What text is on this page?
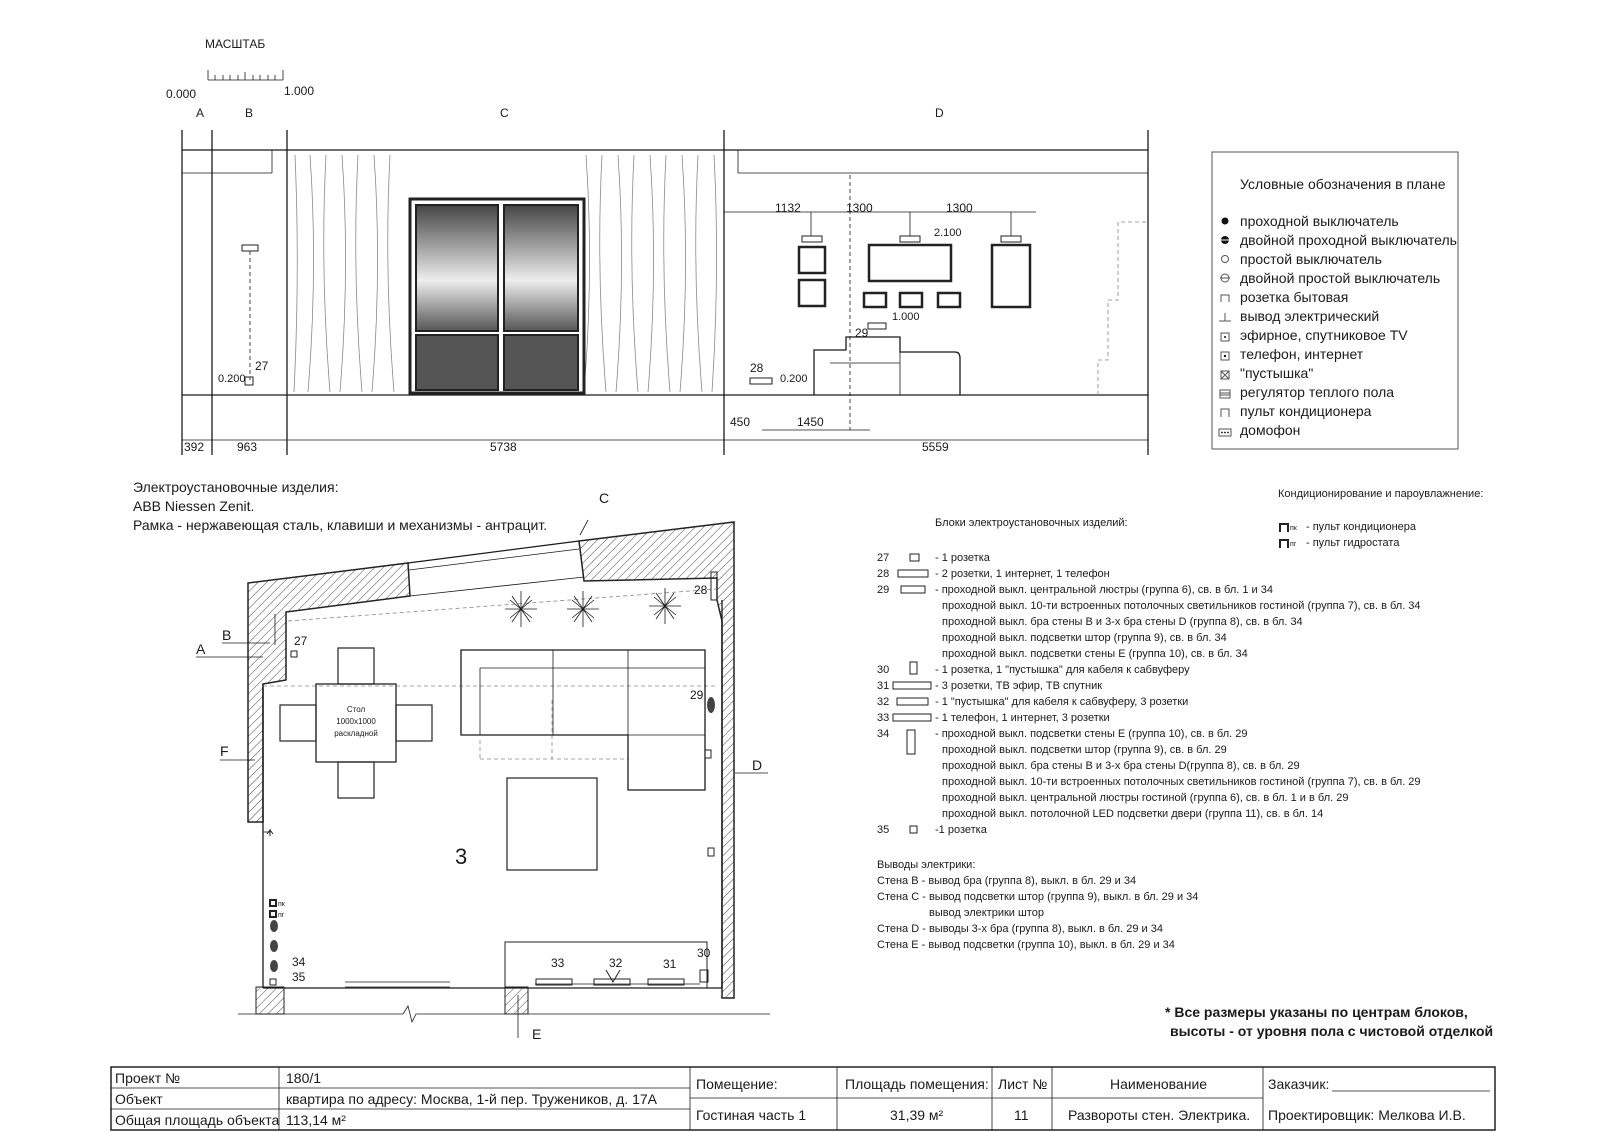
МАСШТАБ
0.000	1.000
A	B	C	D
0.200
27
1132	1300	1300
2.100
1.000
29
28
0.200
392	963	5738
450	1450
5559
Условные обозначения в плане
проходной выключатель
двойной проходной выключатель
простой выключатель
двойной простой выключатель
розетка бытовая
вывод электрический
эфирное, спутниковое TV
телефон, интернет
"пустышка"
регулятор теплого пола
пульт кондиционера
домофон
Электроустановочные изделия:
ABB Niessen Zenit.
Рамка - нержавеющая сталь, клавиши и механизмы - антрацит.
Кондиционирование и пароувлажнение:
пк - пульт кондиционера
пг - пульт гидростата
Блоки электроустановочных изделий:
27	- 1 розетка
28	- 2 розетки, 1 интернет, 1 телефон
29	- проходной выкл. центральной люстры (группа 6), св. в бл. 1 и 34
проходной выкл. 10-ти встроенных потолочных светильников гостиной (группа 7), св. в бл. 34
проходной выкл. бра стены B и 3-х бра стены D (группа 8), св. в бл. 34
проходной выкл. подсветки штор (группа 9), св. в бл. 34
проходной выкл. подсветки стены E (группа 10), св. в бл. 34
30	- 1 розетка, 1 "пустышка" для кабеля к сабвуферу
31	- 3 розетки, ТВ эфир, ТВ спутник
32	- 1 "пустышка" для кабеля к сабвуферу, 3 розетки
33	- 1 телефон, 1 интернет, 3 розетки
34	- проходной выкл. подсветки стены E (группа 10), св. в бл. 29
проходной выкл. подсветки штор (группа 9), св. в бл. 29
проходной выкл. бра стены B и 3-х бра стены D(группа 8), св. в бл. 29
проходной выкл. 10-ти встроенных потолочных светильников гостиной (группа 7), св. в бл. 29
проходной выкл. центральной люстры гостиной (группа 6), св. в бл. 1 и в бл. 29
проходной выкл. потолочной LED подсветки двери (группа 11), св. в бл. 14
35	-1 розетка
Выводы электрики:
Стена B - вывод бра (группа 8), выкл. в бл. 29 и 34
Стена C - вывод подсветки штор (группа 9), выкл. в бл. 29 и 34
вывод электрики штор
Стена D - выводы 3-х бра (группа 8), выкл. в бл. 29 и 34
Стена E - вывод подсветки (группа 10), выкл. в бл. 29 и 34
* Все размеры указаны по центрам блоков,
высоты - от уровня пола с чистовой отделкой
Стол
1000x1000
раскладной
пк
пг
A
B
C
D
E
F
3
27
28
29
30
31
32
33
34
35
Проект №	180/1
Объект	квартира по адресу: Москва, 1-й пер. Тружеников, д. 17А
Общая площадь объекта 113,14 м²
Помещение:
Гостиная часть 1
Площадь помещения:
31,39 м²
Лист №
11
Наименование
Развороты стен. Электрика.
Заказчик:
Проектировщик: Мелкова И.В.
